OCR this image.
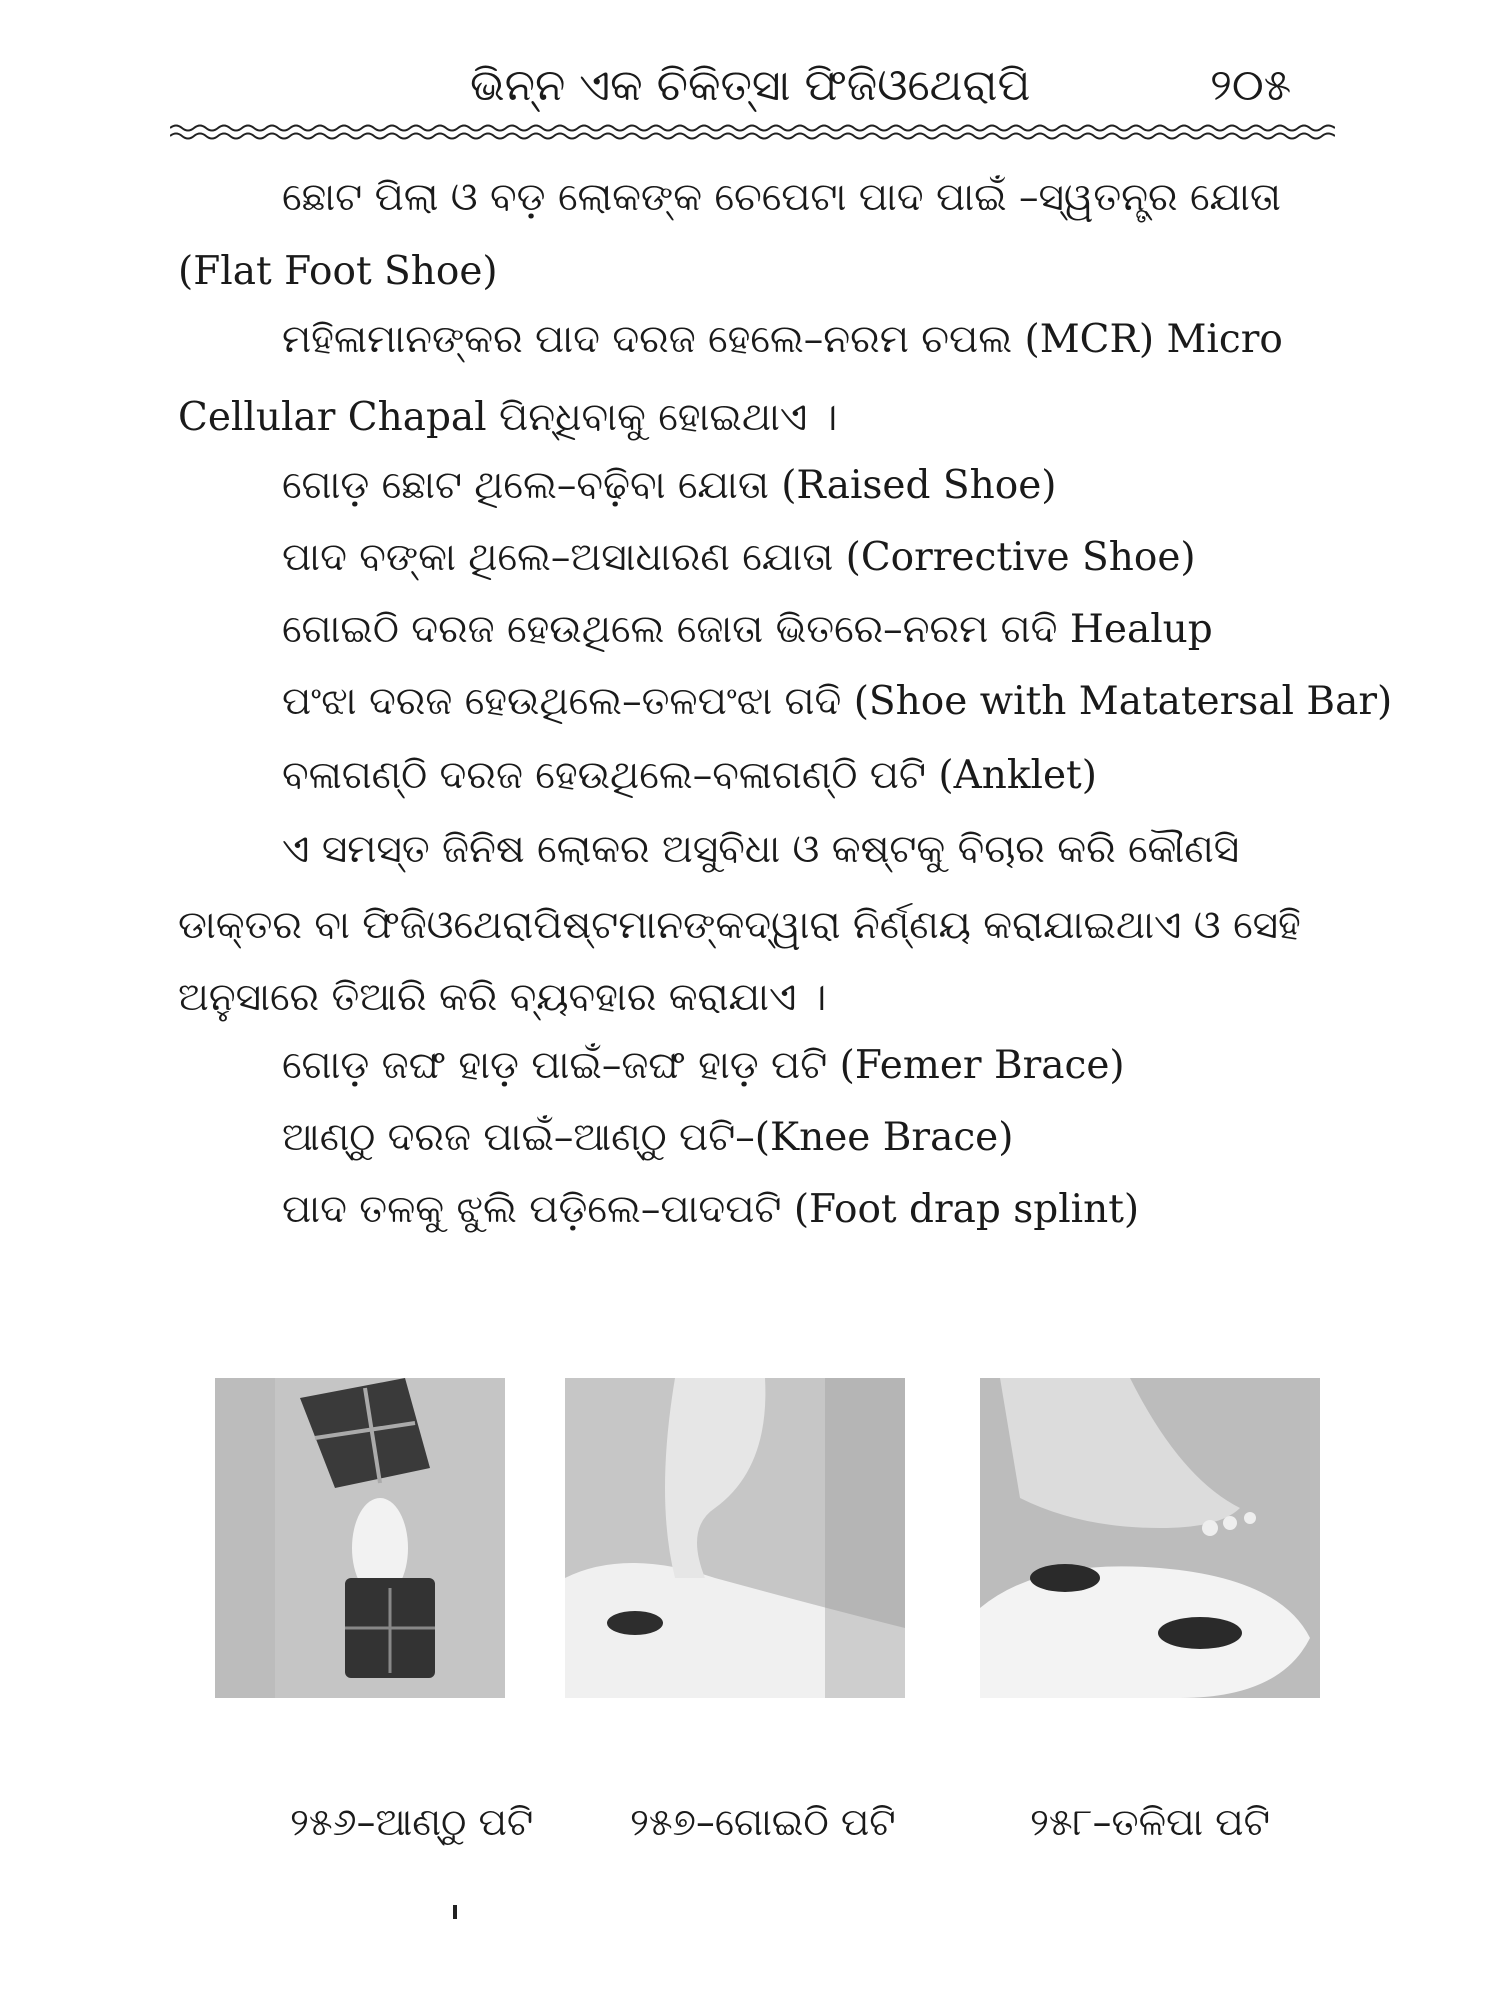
ଭିନ୍ନ ଏକ ଚିକିତ୍ସା ଫିଜିଓଥେରାପି	୨୦୫
ଛୋଟ ପିଲା ଓ ବଡ଼ ଲୋକଙ୍କ ଚେପେଟା ପାଦ ପାଇଁ –ସ୍ୱତନ୍ତ୍ର ଯୋତା
(Flat Foot Shoe)
ମହିଳାମାନଙ୍କର ପାଦ ଦରଜ ହେଲେ–ନରମ ଚପଲ (MCR) Micro
Cellular Chapal ପିନ୍ଧିବାକୁ ହୋଇଥାଏ ।
ଗୋଡ଼ ଛୋଟ ଥିଲେ–ବଢ଼ିବା ଯୋତା (Raised Shoe)
ପାଦ ବଙ୍କା ଥିଲେ–ଅସାଧାରଣ ଯୋତା (Corrective Shoe)
ଗୋଇଠି ଦରଜ ହେଉଥିଲେ ଜୋତା ଭିତରେ–ନରମ ଗଦି Healup
ପଂଝା ଦରଜ ହେଉଥିଲେ–ତଳପଂଝା ଗଦି (Shoe with Matatersal Bar)
ବଳାଗଣ୍ଠି ଦରଜ ହେଉଥିଲେ–ବଳାଗଣ୍ଠି ପଟି (Anklet)
ଏ ସମସ୍ତ ଜିନିଷ ଲୋକର ଅସୁବିଧା ଓ କଷ୍ଟକୁ ବିଚାର କରି କୌଣସି
ଡାକ୍ତର ବା ଫିଜିଓଥେରାପିଷ୍ଟମାନଙ୍କଦ୍ୱାରା ନିର୍ଣ୍ଣୟ କରାଯାଇଥାଏ ଓ ସେହି
ଅନୁସାରେ ତିଆରି କରି ବ୍ୟବହାର କରାଯାଏ ।
ଗୋଡ଼ ଜଙ୍ଘ ହାଡ଼ ପାଇଁ–ଜଙ୍ଘ ହାଡ଼ ପଟି (Femer Brace)
ଆଣ୍ଠୁ ଦରଜ ପାଇଁ–ଆଣ୍ଠୁ ପଟି–(Knee Brace)
ପାଦ ତଳକୁ ଝୁଲି ପଡ଼ିଲେ–ପାଦପଟି (Foot drap splint)
୨୫୬–ଆଣ୍ଠୁ ପଟି	୨୫୭–ଗୋଇଠି ପଟି	୨୫୮–ତଳିପା ପଟି
